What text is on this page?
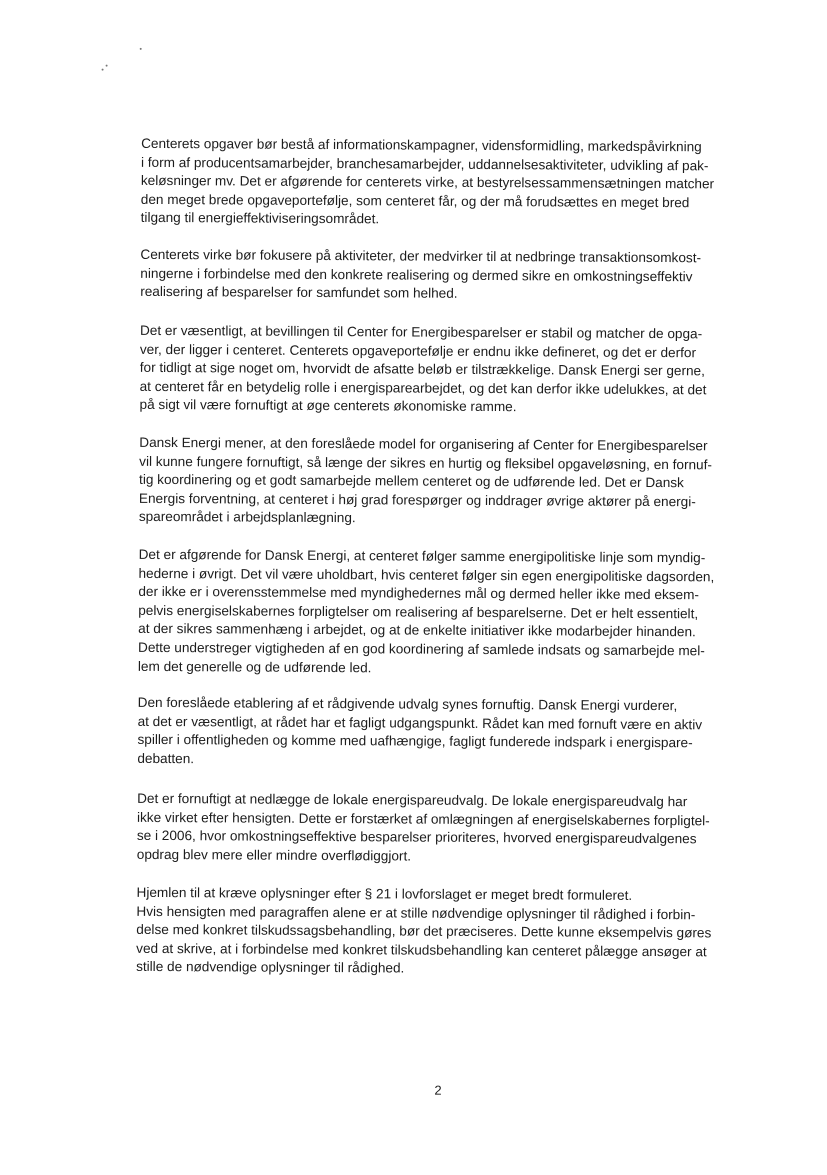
Centerets opgaver bør bestå af informationskampagner, vidensformidling, markedspåvirkning
i form af producentsamarbejder, branchesamarbejder, uddannelsesaktiviteter, udvikling af pak-
keløsninger mv. Det er afgørende for centerets virke, at bestyrelsessammensætningen matcher
den meget brede opgaveportefølje, som centeret får, og der må forudsættes en meget bred
tilgang til energieffektiviseringsområdet.
Centerets virke bør fokusere på aktiviteter, der medvirker til at nedbringe transaktionsomkost-
ningerne i forbindelse med den konkrete realisering og dermed sikre en omkostningseffektiv
realisering af besparelser for samfundet som helhed.
Det er væsentligt, at bevillingen til Center for Energibesparelser er stabil og matcher de opga-
ver, der ligger i centeret. Centerets opgaveportefølje er endnu ikke defineret, og det er derfor
for tidligt at sige noget om, hvorvidt de afsatte beløb er tilstrækkelige. Dansk Energi ser gerne,
at centeret får en betydelig rolle i energisparearbejdet, og det kan derfor ikke udelukkes, at det
på sigt vil være fornuftigt at øge centerets økonomiske ramme.
Dansk Energi mener, at den foreslåede model for organisering af Center for Energibesparelser
vil kunne fungere fornuftigt, så længe der sikres en hurtig og fleksibel opgaveløsning, en fornuf-
tig koordinering og et godt samarbejde mellem centeret og de udførende led. Det er Dansk
Energis forventning, at centeret i høj grad forespørger og inddrager øvrige aktører på energi-
spareområdet i arbejdsplanlægning.
Det er afgørende for Dansk Energi, at centeret følger samme energipolitiske linje som myndig-
hederne i øvrigt. Det vil være uholdbart, hvis centeret følger sin egen energipolitiske dagsorden,
der ikke er i overensstemmelse med myndighedernes mål og dermed heller ikke med eksem-
pelvis energiselskabernes forpligtelser om realisering af besparelserne. Det er helt essentielt,
at der sikres sammenhæng i arbejdet, og at de enkelte initiativer ikke modarbejder hinanden.
Dette understreger vigtigheden af en god koordinering af samlede indsats og samarbejde mel-
lem det generelle og de udførende led.
Den foreslåede etablering af et rådgivende udvalg synes fornuftig. Dansk Energi vurderer,
at det er væsentligt, at rådet har et fagligt udgangspunkt. Rådet kan med fornuft være en aktiv
spiller i offentligheden og komme med uafhængige, fagligt funderede indspark i energispare-
debatten.
Det er fornuftigt at nedlægge de lokale energispareudvalg. De lokale energispareudvalg har
ikke virket efter hensigten. Dette er forstærket af omlægningen af energiselskabernes forpligtel-
se i 2006, hvor omkostningseffektive besparelser prioriteres, hvorved energispareudvalgenes
opdrag blev mere eller mindre overflødiggjort.
Hjemlen til at kræve oplysninger efter § 21 i lovforslaget er meget bredt formuleret.
Hvis hensigten med paragraffen alene er at stille nødvendige oplysninger til rådighed i forbin-
delse med konkret tilskudssagsbehandling, bør det præciseres. Dette kunne eksempelvis gøres
ved at skrive, at i forbindelse med konkret tilskudsbehandling kan centeret pålægge ansøger at
stille de nødvendige oplysninger til rådighed.
2
